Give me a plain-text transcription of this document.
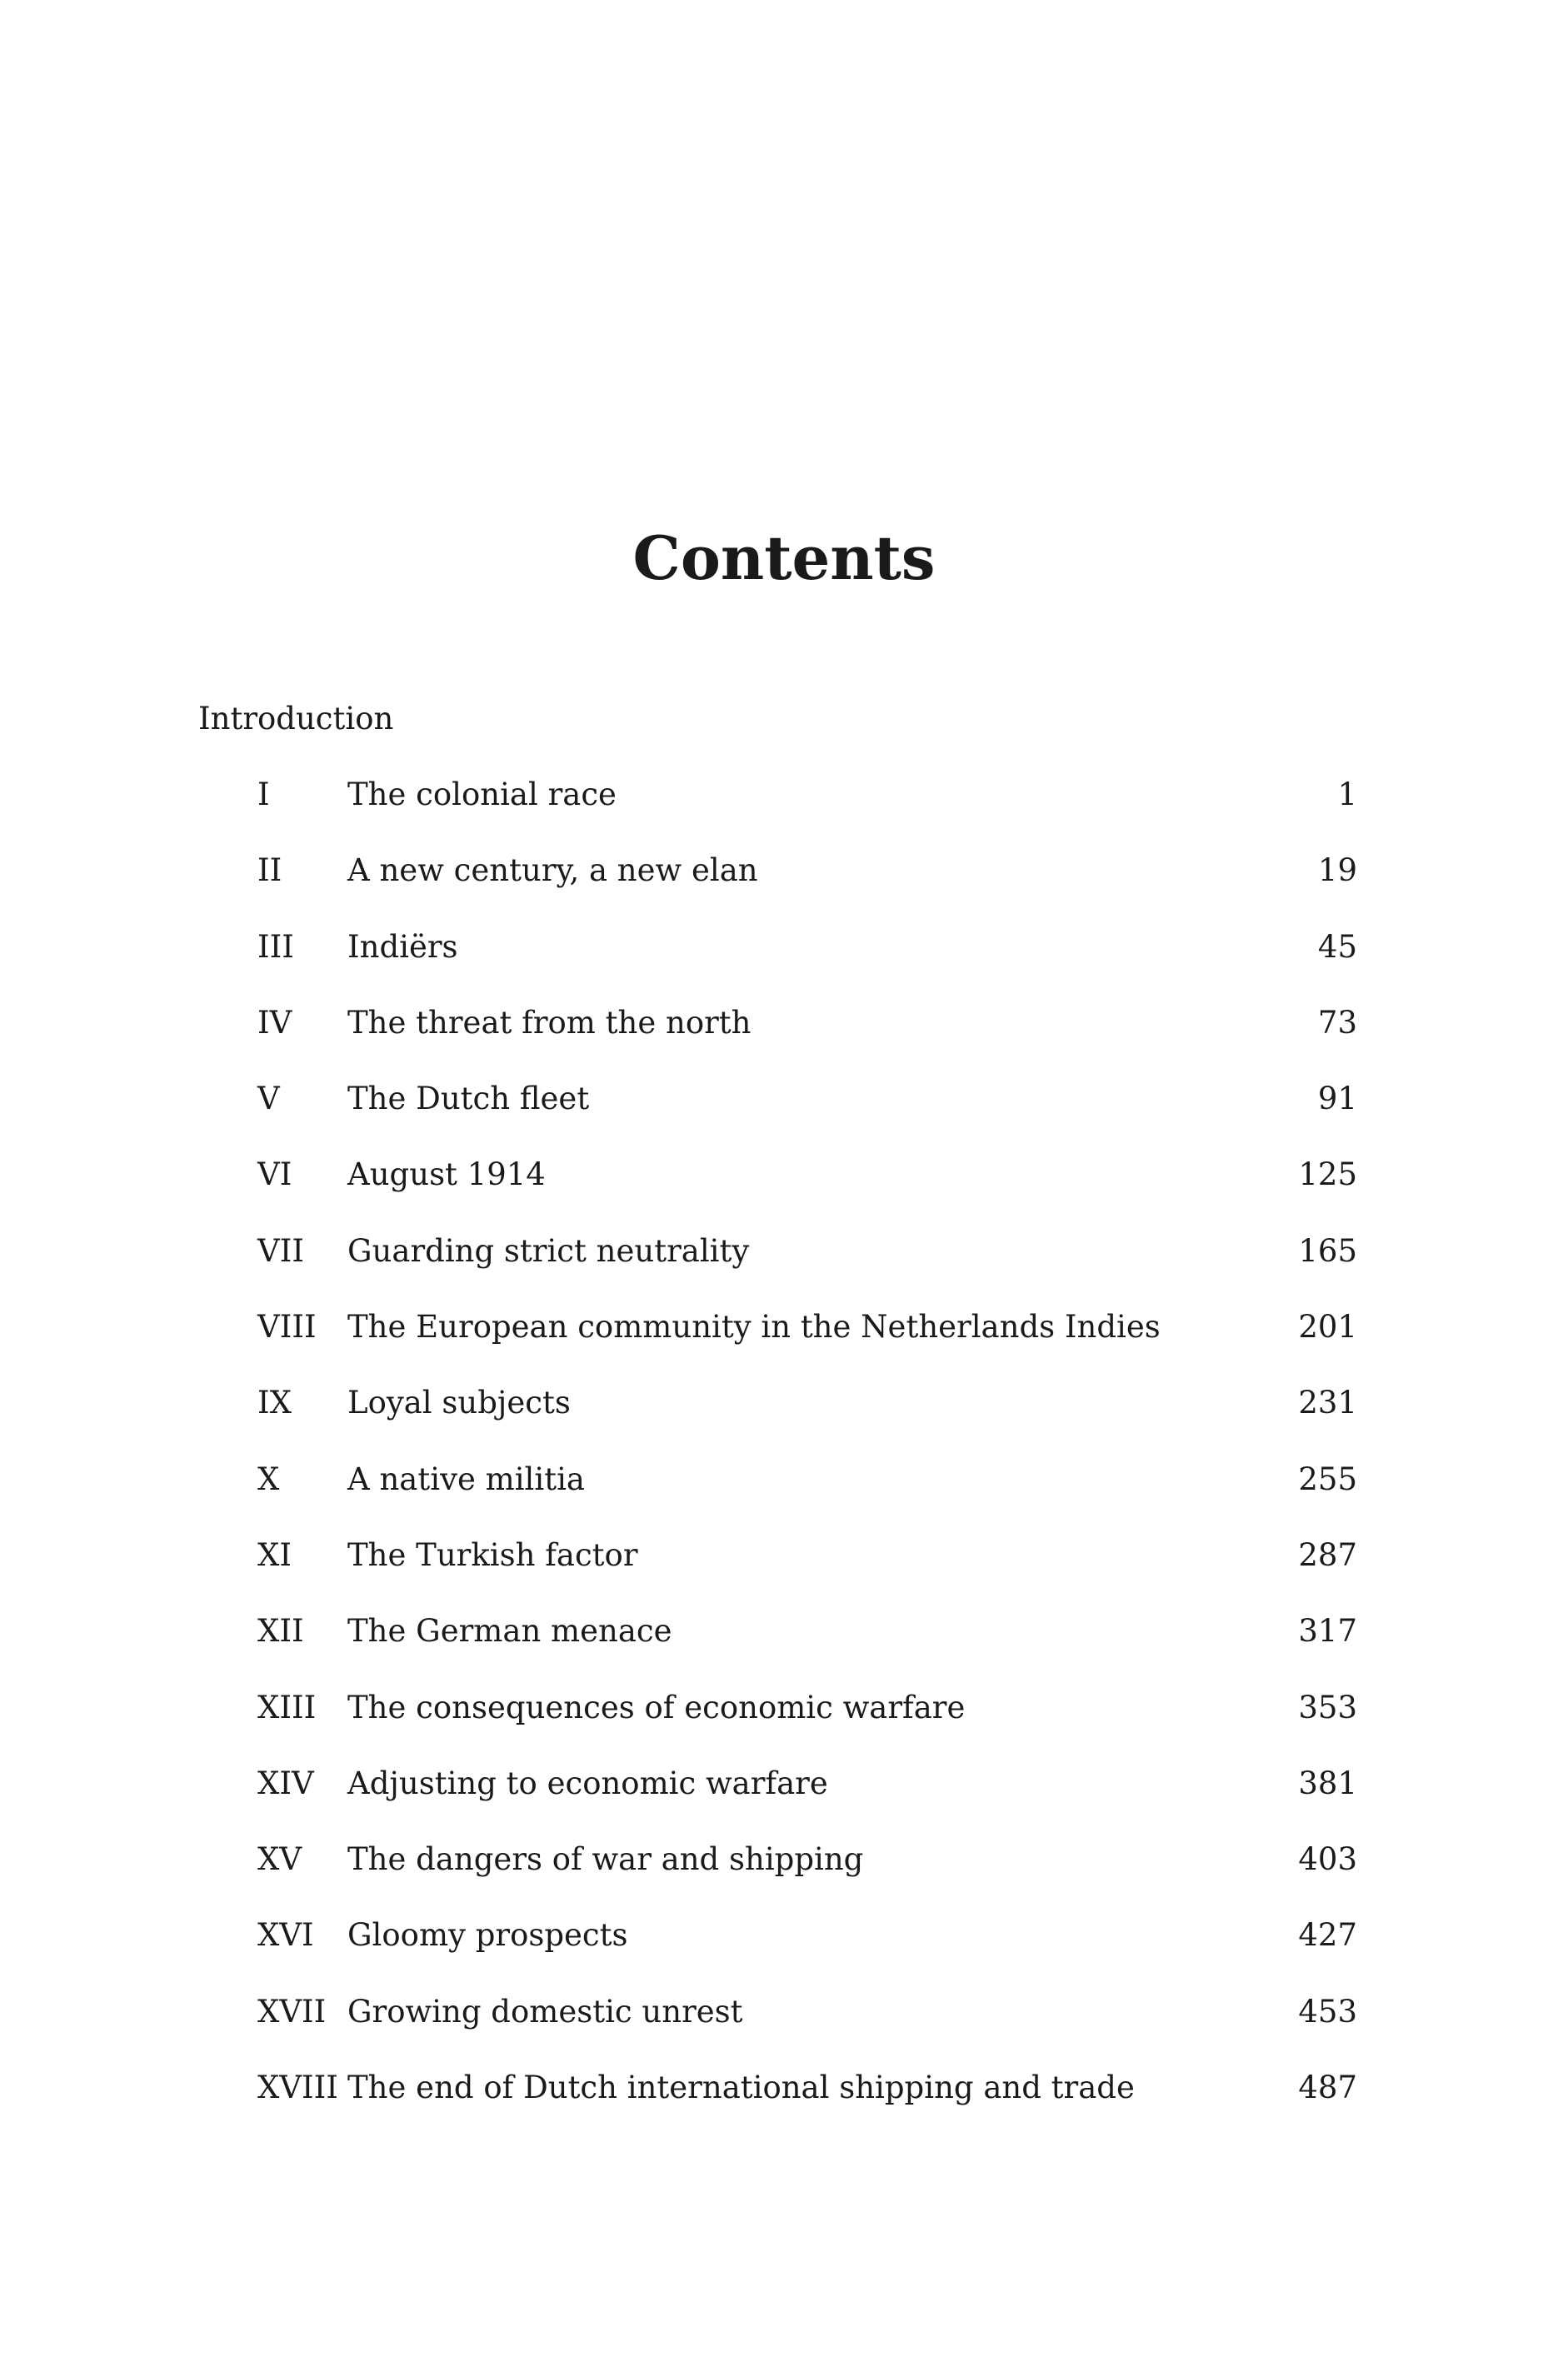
Contents

Introduction

I	The colonial race	1
II	A new century, a new elan	19
III	Indiërs	45
IV	The threat from the north	73
V	The Dutch fleet	91
VI	August 1914	125
VII	Guarding strict neutrality	165
VIII	The European community in the Netherlands Indies	201
IX	Loyal subjects	231
X	A native militia	255
XI	The Turkish factor	287
XII	The German menace	317
XIII	The consequences of economic warfare	353
XIV	Adjusting to economic warfare	381
XV	The dangers of war and shipping	403
XVI	Gloomy prospects	427
XVII Growing domestic unrest	453
XVIII The end of Dutch international shipping and trade	487
